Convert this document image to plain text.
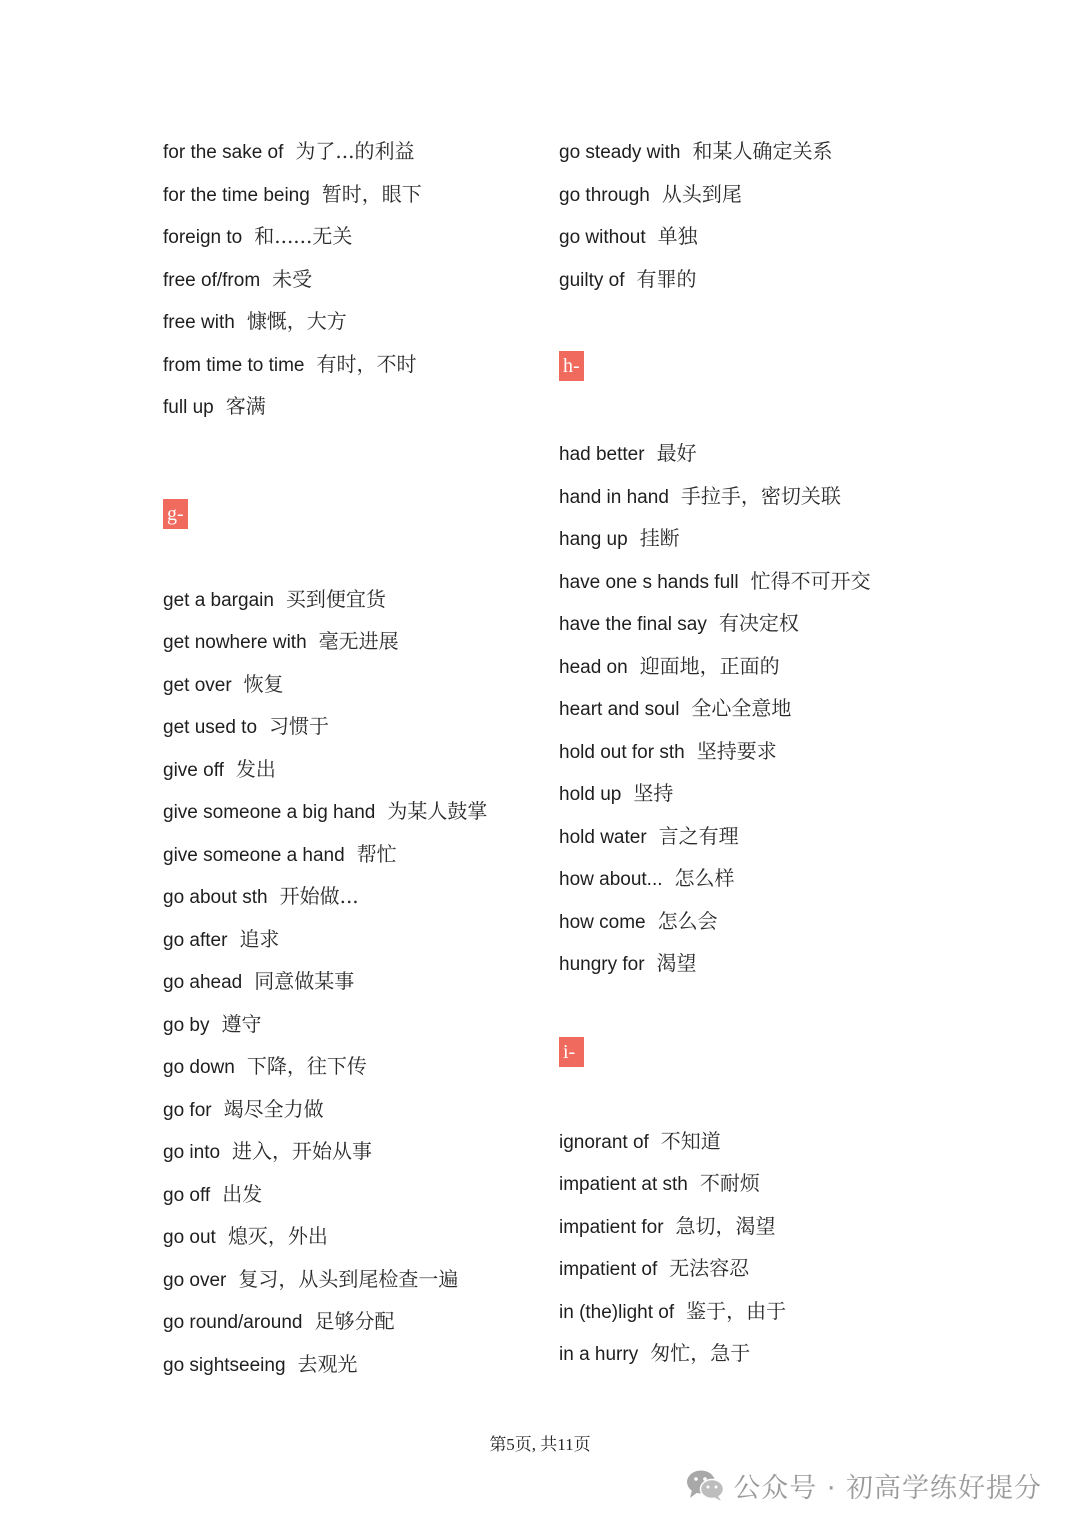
for the sake of 为了...的利益
for the time being 暂时，眼下
foreign to 和......无关
free of/from 未受
free with 慷慨，大方
from time to time 有时，不时
full up 客满
g-
get a bargain 买到便宜货
get nowhere with 毫无进展
get over 恢复
get used to 习惯于
give off 发出
give someone a big hand 为某人鼓掌
give someone a hand 帮忙
go about sth 开始做...
go after 追求
go ahead 同意做某事
go by 遵守
go down 下降，往下传
go for 竭尽全力做
go into 进入，开始从事
go off 出发
go out 熄灭，外出
go over 复习，从头到尾检查一遍
go round/around 足够分配
go sightseeing 去观光
go steady with 和某人确定关系
go through 从头到尾
go without 单独
guilty of 有罪的
h-
had better 最好
hand in hand 手拉手，密切关联
hang up 挂断
have one s hands full 忙得不可开交
have the final say 有决定权
head on 迎面地，正面的
heart and soul 全心全意地
hold out for sth 坚持要求
hold up 坚持
hold water 言之有理
how about... 怎么样
how come 怎么会
hungry for 渴望
i-
ignorant of 不知道
impatient at sth 不耐烦
impatient for 急切，渴望
impatient of 无法容忍
in (the)light of 鉴于，由于
in a hurry 匆忙，急于
第5页, 共11页
公众号 · 初高学练好提分
